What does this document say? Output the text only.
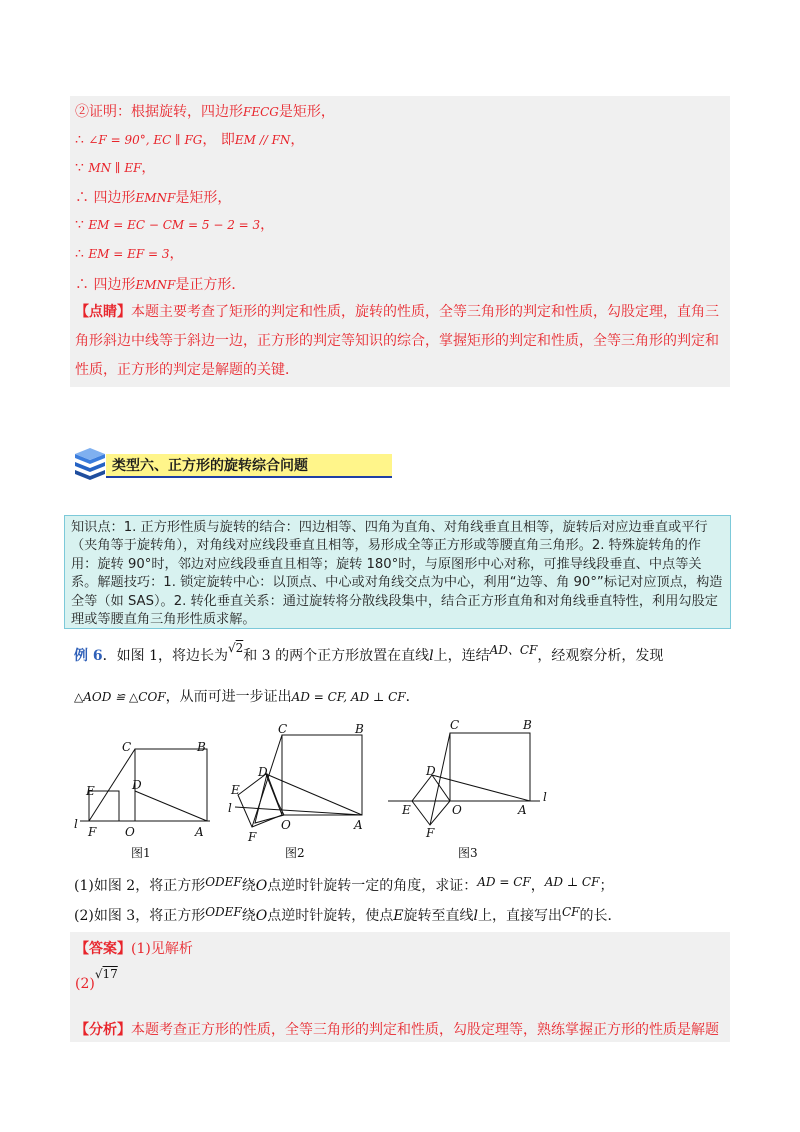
②证明：根据旋转，四边形FECG是矩形，
∴ ∠F = 90°, EC ∥ FG， 即EM // FN，
∵ MN ∥ EF，
∴ 四边形EMNF是矩形，
∵ EM = EC − CM = 5 − 2 = 3，
∴ EM = EF = 3，
∴ 四边形EMNF是正方形．
【点睛】本题主要考查了矩形的判定和性质，旋转的性质，全等三角形的判定和性质，勾股定理，直角三角形斜边中线等于斜边一边，正方形的判定等知识的综合，掌握矩形的判定和性质，全等三角形的判定和性质，正方形的判定是解题的关键．
类型六、正方形的旋转综合问题
知识点：1. 正方形性质与旋转的结合：四边相等、四角为直角、对角线垂直且相等，旋转后对应边垂直或平行（夹角等于旋转角），对角线对应线段垂直且相等，易形成全等正方形或等腰直角三角形。2. 特殊旋转角的作用：旋转 90°时，邻边对应线段垂直且相等；旋转 180°时，与原图形中心对称，可推导线段垂直、中点等关系。解题技巧：1. 锁定旋转中心：以顶点、中心或对角线交点为中心，利用“边等、角 90°”标记对应顶点，构造全等（如 SAS）。2. 转化垂直关系：通过旋转将分散线段集中，结合正方形直角和对角线垂直特性，利用勾股定理或等腰直角三角形性质求解。
例 6．如图 1，将边长为√2和 3 的两个正方形放置在直线l上，连结AD、CF，经观察分析，发现
△AOD ≌ △COF，从而可进一步证出AD = CF, AD ⊥ CF．
C	B
E	D
l
F O	A
图1
C	B
D
E
l
O	A
F
图2
C	B
D
l
E	O	A
F
图3
(1)如图 2，将正方形ODEF绕O点逆时针旋转一定的角度，求证：AD = CF，AD ⊥ CF；
(2)如图 3，将正方形ODEF绕O点逆时针旋转，使点E旋转至直线l上，直接写出CF的长．
【答案】(1)见解析
(2)√17
【分析】本题考查正方形的性质，全等三角形的判定和性质，勾股定理等，熟练掌握正方形的性质是解题
